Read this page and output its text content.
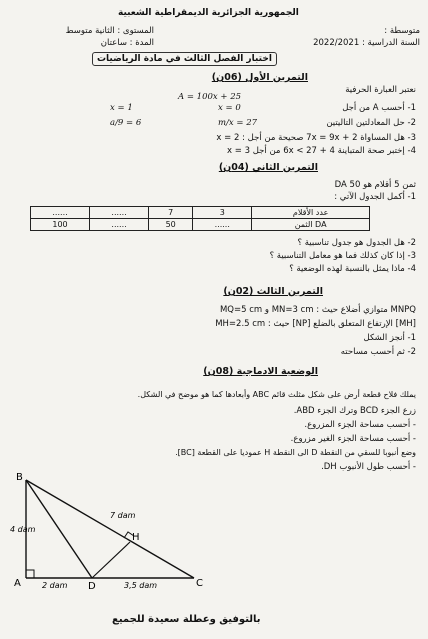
الجمهورية الجزائرية الديمقراطية الشعبية
متوسطة :
المستوى : الثانية متوسط
السنة الدراسية : 2022/2021
المدة : ساعتان
اختبار الفصل الثالث في مادة الرياضيات
التمرين الأول (06ن)
نعتبر العبارة الحرفية
A = 100x + 25
1- أحسب A من أجل
x = 0
x = 1
2- حل المعادلتين التاليتين
m/x = 27
a/9 = 6
3- هل المساواة 2 + 7x = 9x صحيحة من أجل : x = 2
4- إختبر صحة المتباينة 4 + 6x < 27 من أجل x = 3
التمرين الثاني (04ن)
ثمن 5 أقلام هو 50 DA
1- أكمل الجدول الآتي :
......	......	7	3	عدد الأقلام
100	......	50	......	الثمن DA
2- هل الجدول هو جدول تناسبية ؟
3- إذا كان كذلك فما هو معامل التناسبية ؟
4- ماذا يمثل بالنسبة لهذه الوضعية ؟
التمرين الثالث (02ن)
MNPQ متوازي أضلاع حيث : MN=3 cm و MQ=5 cm
[MH] الإرتفاع المتعلق بالضلع [NP] حيث : MH=2.5 cm
1- أنجز الشكل
2- ثم أحسب مساحته
الوضعية الادماجية (08ن)
يملك فلاح قطعة أرض على شكل مثلث قائم ABC وأبعادها كما هو موضح في الشكل.
زرع الجزء BCD وترك الجزء ABD.
- أحسب مساحة الجزء المزروع.
- أحسب مساحة الجزء الغير مزروع.
وضع أنبوبا للسقي من النقطة D الى النقطة H عموديا على القطعة [BC].
- أحسب طول الأنبوب DH.
A
B
C
D
H
4 dam
7 dam
2 dam	3,5 dam
بالتوفيق وعطلة سعيدة للجميع
